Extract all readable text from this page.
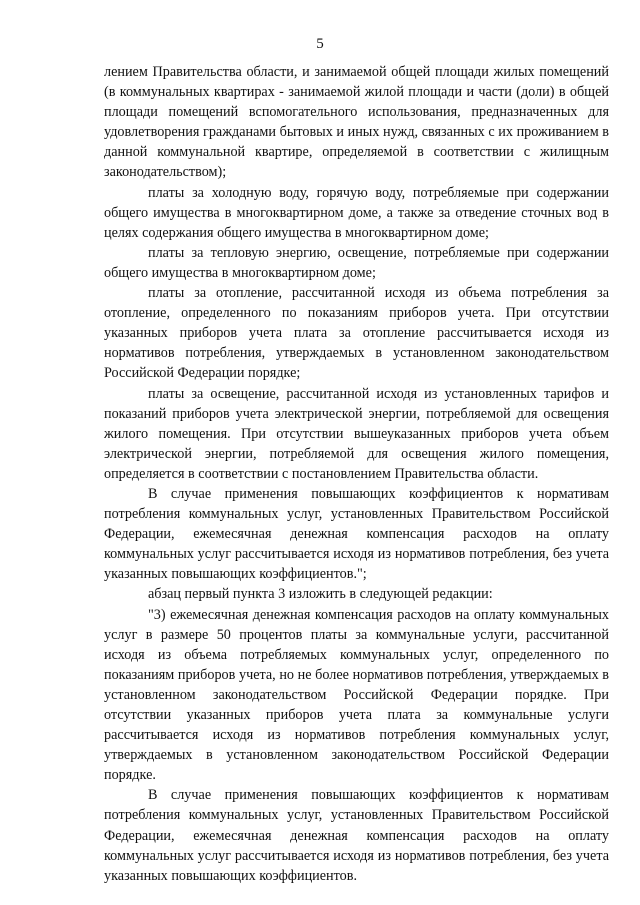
5

лением Правительства области, и занимаемой общей площади жилых помещений (в коммунальных квартирах - занимаемой жилой площади и части (доли) в общей площади помещений вспомогательного использования, предназначенных для удовлетворения гражданами бытовых и иных нужд, связанных с их проживанием в данной коммунальной квартире, определяемой в соответствии с жилищным законодательством);

платы за холодную воду, горячую воду, потребляемые при содержании общего имущества в многоквартирном доме, а также за отведение сточных вод в целях содержания общего имущества в многоквартирном доме;

платы за тепловую энергию, освещение, потребляемые при содержании общего имущества в многоквартирном доме;

платы за отопление, рассчитанной исходя из объема потребления за отопление, определенного по показаниям приборов учета. При отсутствии указанных приборов учета плата за отопление рассчитывается исходя из нормативов потребления, утверждаемых в установленном законодательством Российской Федерации порядке;

платы за освещение, рассчитанной исходя из установленных тарифов и показаний приборов учета электрической энергии, потребляемой для освещения жилого помещения. При отсутствии вышеуказанных приборов учета объем электрической энергии, потребляемой для освещения жилого помещения, определяется в соответствии с постановлением Правительства области.

В случае применения повышающих коэффициентов к нормативам потребления коммунальных услуг, установленных Правительством Российской Федерации, ежемесячная денежная компенсация расходов на оплату коммунальных услуг рассчитывается исходя из нормативов потребления, без учета указанных повышающих коэффициентов.";

абзац первый пункта 3 изложить в следующей редакции:

"3) ежемесячная денежная компенсация расходов на оплату коммунальных услуг в размере 50 процентов платы за коммунальные услуги, рассчитанной исходя из объема потребляемых коммунальных услуг, определенного по показаниям приборов учета, но не более нормативов потребления, утверждаемых в установленном законодательством Российской Федерации порядке. При отсутствии указанных приборов учета плата за коммунальные услуги рассчитывается исходя из нормативов потребления коммунальных услуг, утверждаемых в установленном законодательством Российской Федерации порядке.

В случае применения повышающих коэффициентов к нормативам потребления коммунальных услуг, установленных Правительством Российской Федерации, ежемесячная денежная компенсация расходов на оплату коммунальных услуг рассчитывается исходя из нормативов потребления, без учета указанных повышающих коэффициентов.
